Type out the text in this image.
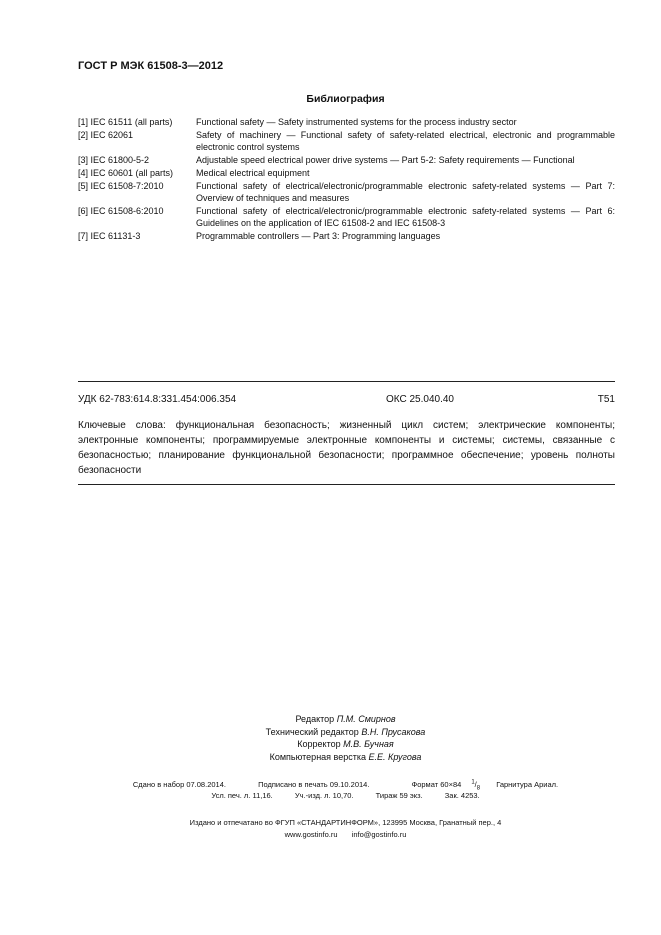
ГОСТ Р МЭК 61508-3—2012
Библиография
[1] IEC 61511 (all parts)	Functional safety — Safety instrumented systems for the process industry sector
[2] IEC 62061	Safety of machinery — Functional safety of safety-related electrical, electronic and programmable electronic control systems
[3] IEC 61800-5-2	Adjustable speed electrical power drive systems — Part 5-2: Safety requirements — Functional
[4] IEC 60601 (all parts)	Medical electrical equipment
[5] IEC 61508-7:2010	Functional safety of electrical/electronic/programmable electronic safety-related systems — Part 7: Overview of techniques and measures
[6] IEC 61508-6:2010	Functional safety of electrical/electronic/programmable electronic safety-related systems — Part 6: Guidelines on the application of IEC 61508-2 and IEC 61508-3
[7] IEC 61131-3	Programmable controllers — Part 3: Programming languages
УДК 62-783:614.8:331.454:006.354	ОКС 25.040.40	Т51
Ключевые слова: функциональная безопасность; жизненный цикл систем; электрические компоненты; электронные компоненты; программируемые электронные компоненты и системы; системы, связанные с безопасностью; планирование функциональной безопасности; программное обеспечение; уровень полноты безопасности
Редактор П.М. Смирнов
Технический редактор В.Н. Прусакова
Корректор М.В. Бучная
Компьютерная верстка Е.Е. Кругова
Сдано в набор 07.08.2014.	Подписано в печать 09.10.2014.	Формат 60×84 $^1/_8$ Гарнитура Ариал.
Усл. печ. л. 11,16.	Уч.-изд. л. 10,70.	Тираж 59 экз.	Зак. 4253.
Издано и отпечатано во ФГУП «СТАНДАРТИНФОРМ», 123995 Москва, Гранатный пер., 4
www.gostinfo.ru info@gostinfo.ru
